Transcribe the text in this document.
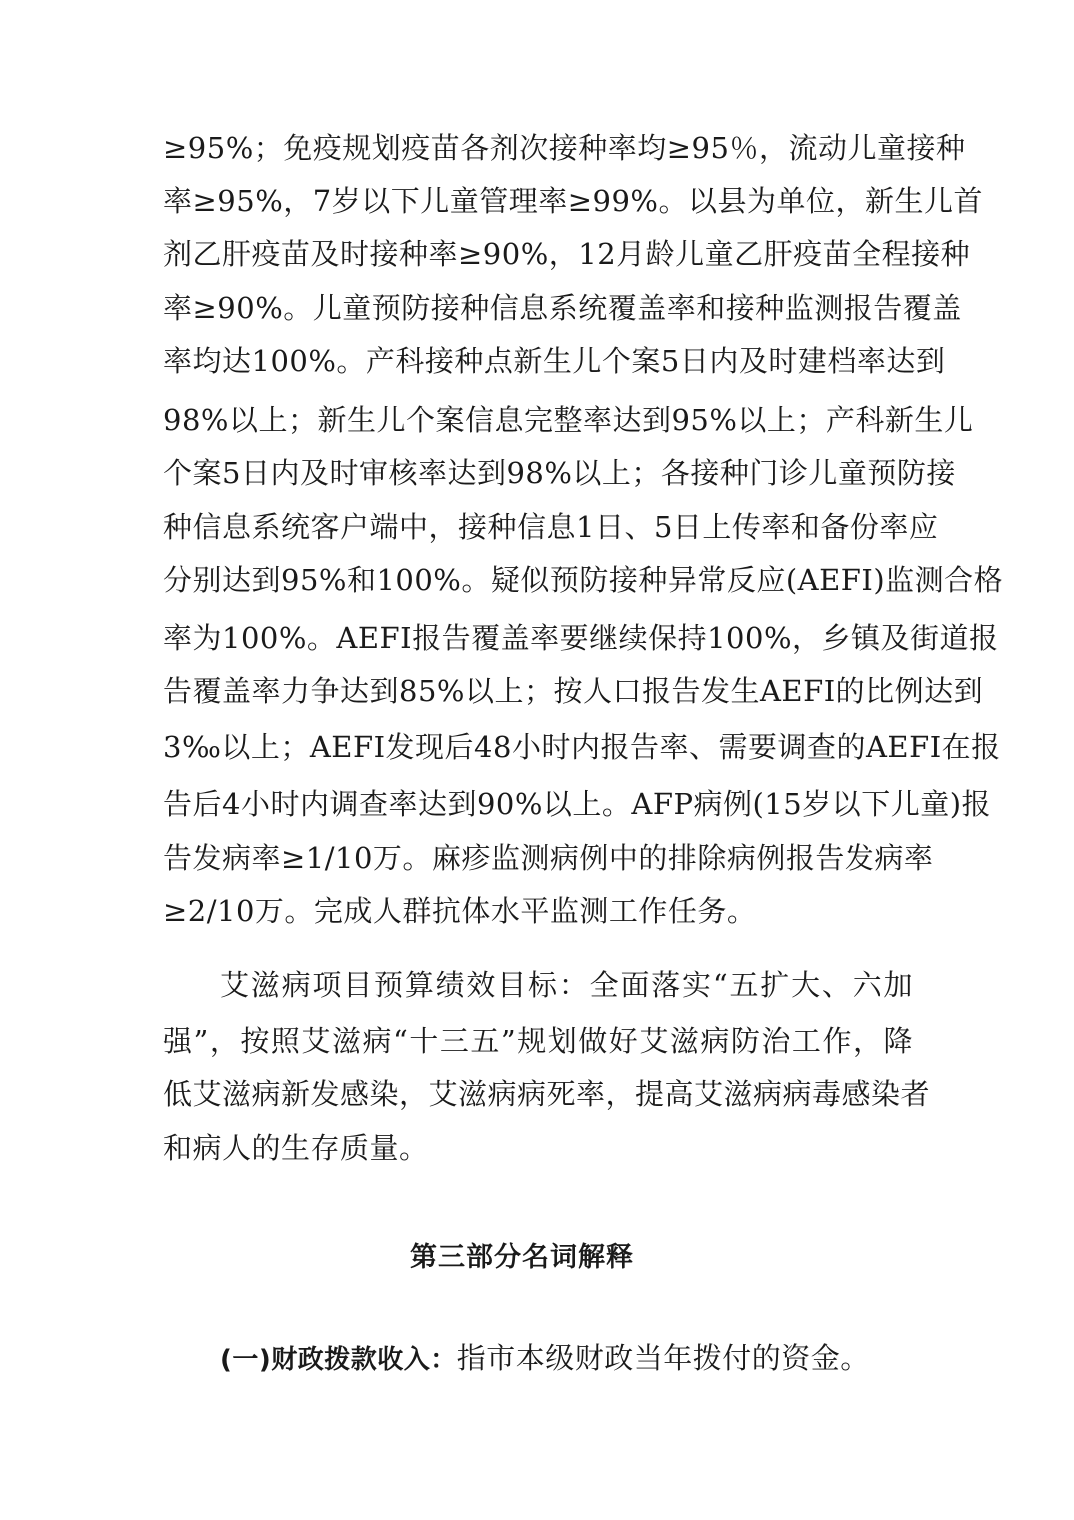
≥95%；免疫规划疫苗各剂次接种率均≥95％，流动儿童接种
率≥95%，7岁以下儿童管理率≥99%。以县为单位，新生儿首
剂乙肝疫苗及时接种率≥90%，12月龄儿童乙肝疫苗全程接种
率≥90%。儿童预防接种信息系统覆盖率和接种监测报告覆盖
率均达100%。产科接种点新生儿个案5日内及时建档率达到
98%以上；新生儿个案信息完整率达到95%以上；产科新生儿
个案5日内及时审核率达到98%以上；各接种门诊儿童预防接
种信息系统客户端中，接种信息1日、5日上传率和备份率应
分别达到95%和100%。疑似预防接种异常反应(AEFI)监测合格
率为100%。AEFI报告覆盖率要继续保持100%，乡镇及街道报
告覆盖率力争达到85%以上；按人口报告发生AEFI的比例达到
3‰以上；AEFI发现后48小时内报告率、需要调查的AEFI在报
告后4小时内调查率达到90%以上。AFP病例(15岁以下儿童)报
告发病率≥1/10万。麻疹监测病例中的排除病例报告发病率
≥2/10万。完成人群抗体水平监测工作任务。
艾滋病项目预算绩效目标：全面落实“五扩大、六加
强”，按照艾滋病“十三五”规划做好艾滋病防治工作，降
低艾滋病新发感染，艾滋病病死率，提高艾滋病病毒感染者
和病人的生存质量。
第三部分名词解释
(一)财政拨款收入：指市本级财政当年拨付的资金。
